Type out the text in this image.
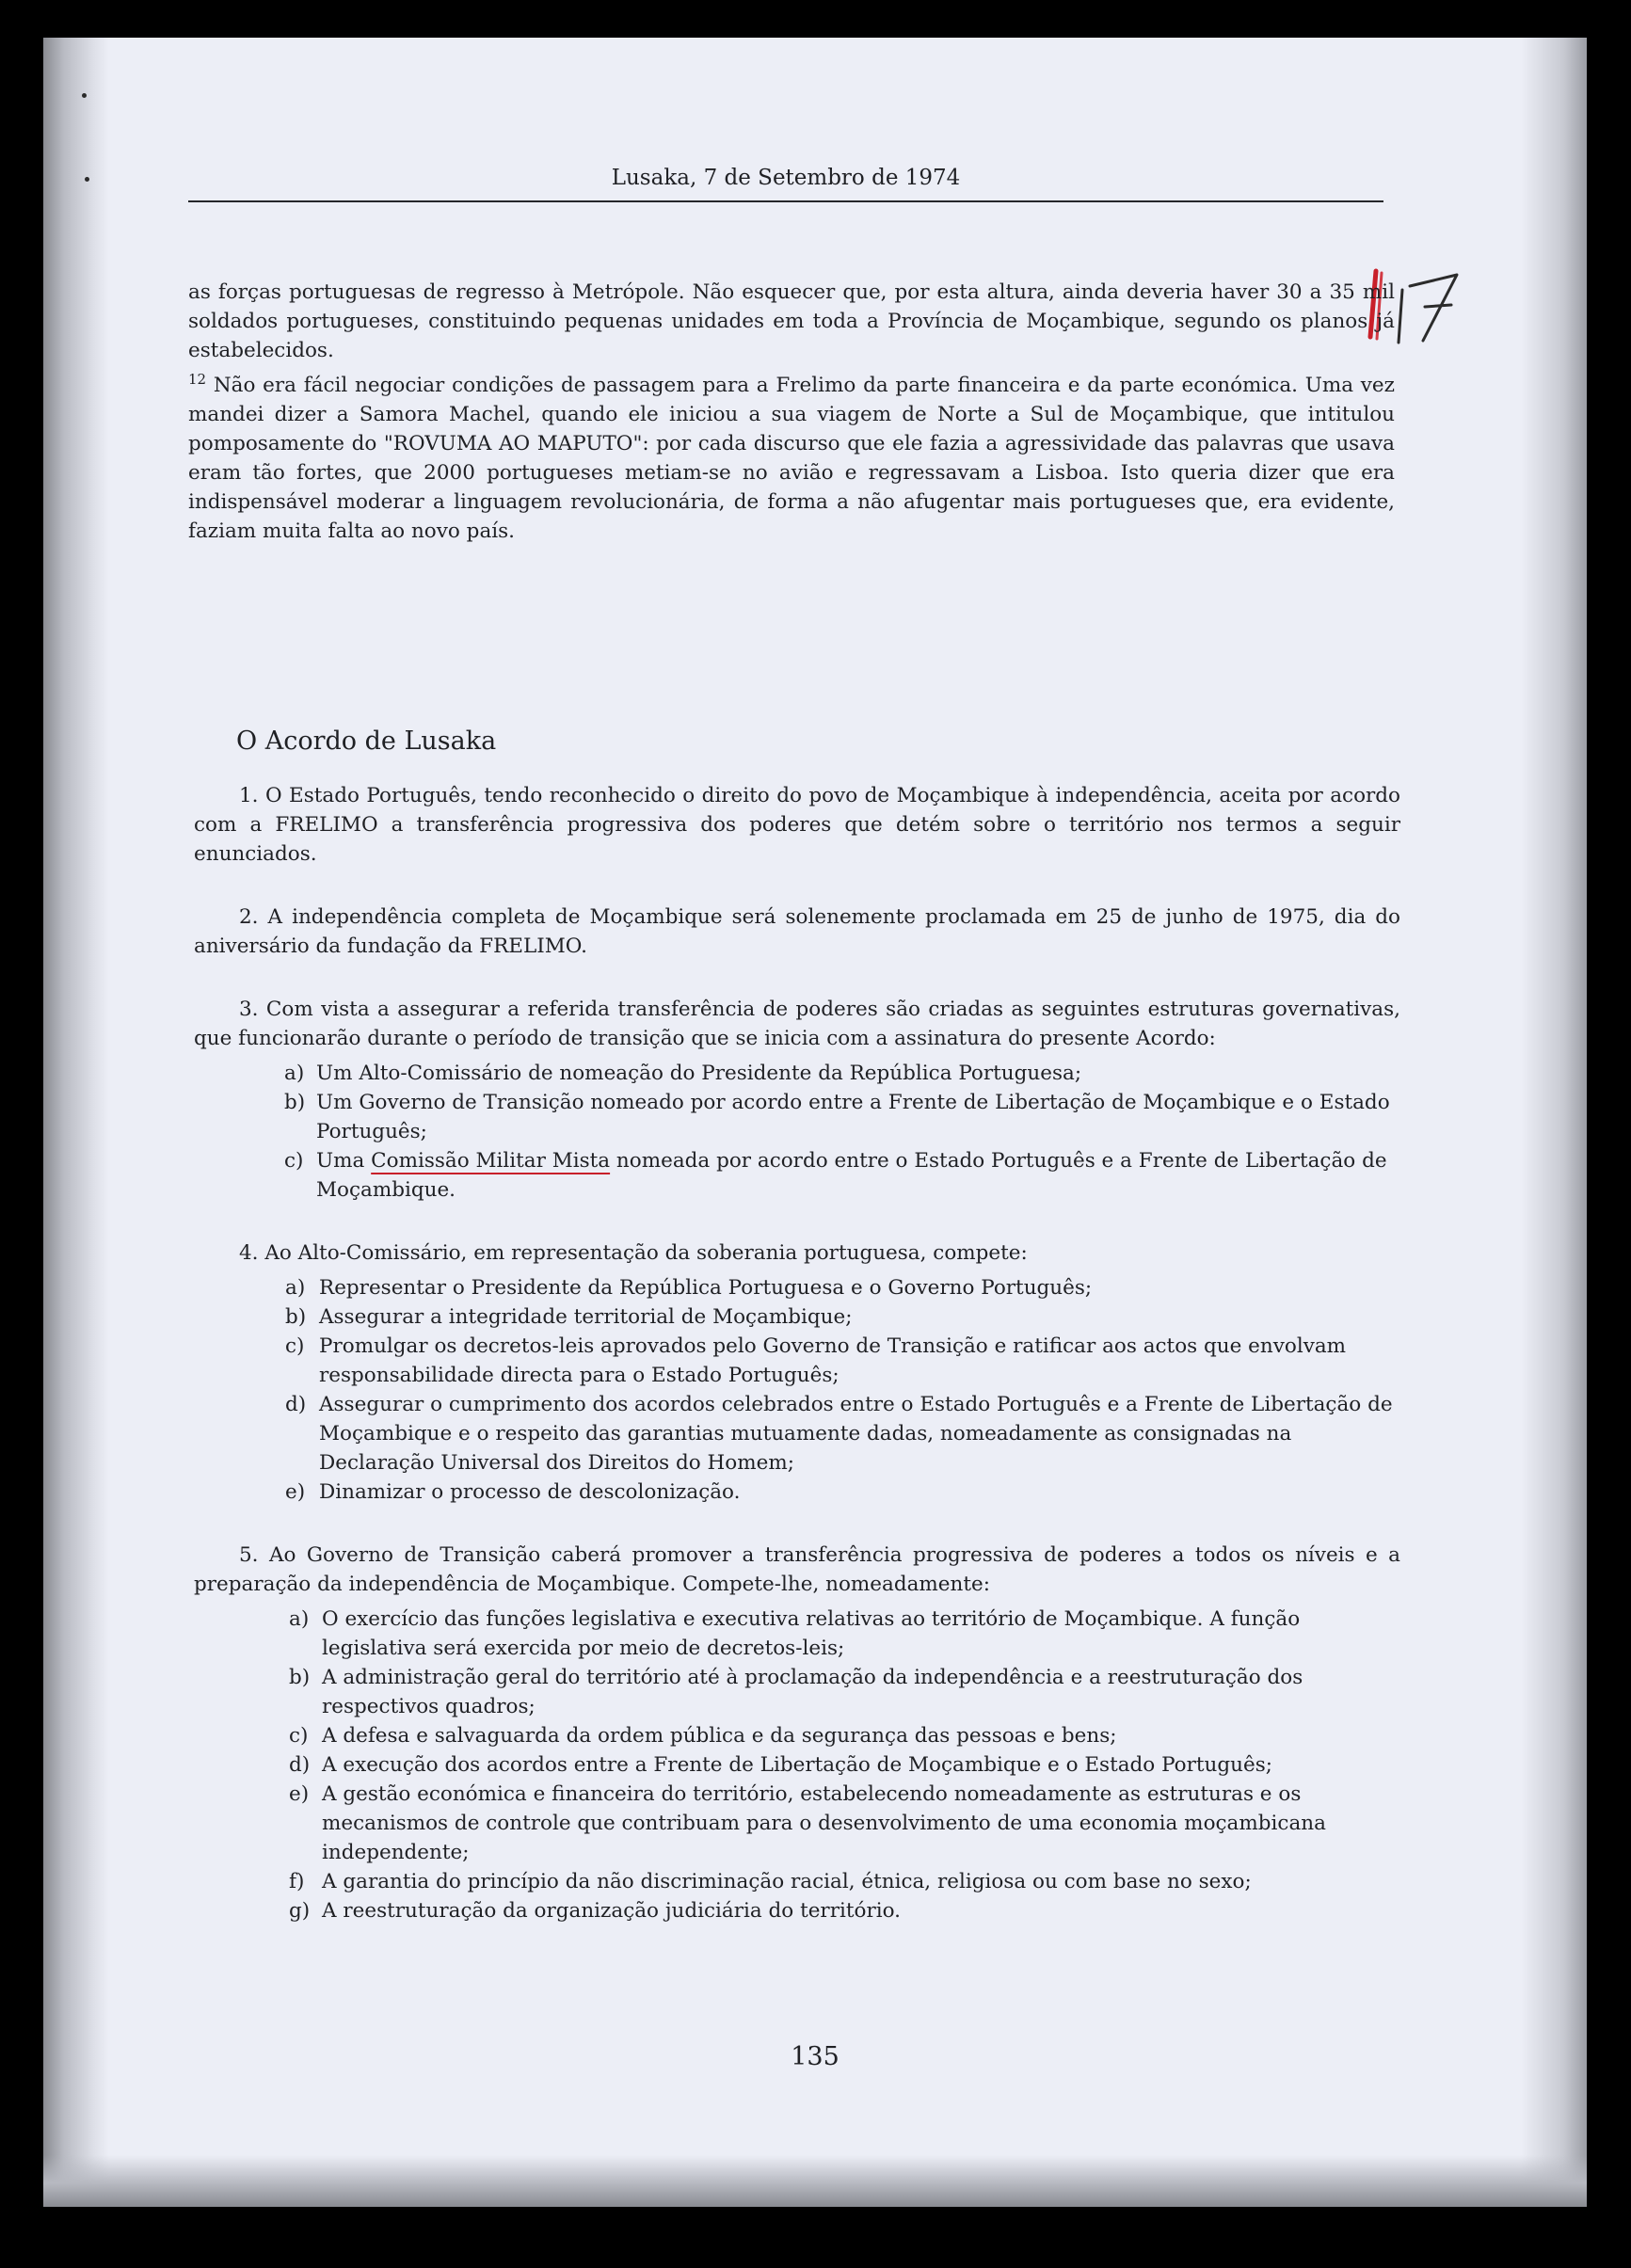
Lusaka, 7 de Setembro de 1974
17

as forças portuguesas de regresso à Metrópole. Não esquecer que, por esta altura, ainda deveria haver 30 a 35 mil soldados portugueses, constituindo pequenas unidades em toda a Província de Moçambique, segundo os planos já estabelecidos.

$^{12}$ Não era fácil negociar condições de passagem para a Frelimo da parte financeira e da parte económica. Uma vez mandei dizer a Samora Machel, quando ele iniciou a sua viagem de Norte a Sul de Moçambique, que intitulou pomposamente do "ROVUMA AO MAPUTO": por cada discurso que ele fazia a agressividade das palavras que usava eram tão fortes, que 2000 portugueses metiam-se no avião e regressavam a Lisboa. Isto queria dizer que era indispensável moderar a linguagem revolucionária, de forma a não afugentar mais portugueses que, era evidente, faziam muita falta ao novo país.

O Acordo de Lusaka
1. O Estado Português, tendo reconhecido o direito do povo de Moçambique à independência, aceita por acordo com a FRELIMO a transferência progressiva dos poderes que detém sobre o território nos termos a seguir enunciados.
2. A independência completa de Moçambique será solenemente proclamada em 25 de junho de 1975, dia do aniversário da fundação da FRELIMO.
3. Com vista a assegurar a referida transferência de poderes são criadas as seguintes estruturas governativas, que funcionarão durante o período de transição que se inicia com a assinatura do presente Acordo:
a) Um Alto-Comissário de nomeação do Presidente da República Portuguesa;
b) Um Governo de Transição nomeado por acordo entre a Frente de Libertação de Moçambique e o Estado Português;
c) Uma Comissão Militar Mista nomeada por acordo entre o Estado Português e a Frente de Libertação de Moçambique.
4. Ao Alto-Comissário, em representação da soberania portuguesa, compete:
a) Representar o Presidente da República Portuguesa e o Governo Português;
b) Assegurar a integridade territorial de Moçambique;
c) Promulgar os decretos-leis aprovados pelo Governo de Transição e ratificar aos actos que envolvam responsabilidade directa para o Estado Português;
d) Assegurar o cumprimento dos acordos celebrados entre o Estado Português e a Frente de Libertação de Moçambique e o respeito das garantias mutuamente dadas, nomeadamente as consignadas na Declaração Universal dos Direitos do Homem;
e) Dinamizar o processo de descolonização.
5. Ao Governo de Transição caberá promover a transferência progressiva de poderes a todos os níveis e a preparação da independência de Moçambique. Compete-lhe, nomeadamente:
a) O exercício das funções legislativa e executiva relativas ao território de Moçambique. A função legislativa será exercida por meio de decretos-leis;
b) A administração geral do território até à proclamação da independência e a reestruturação dos respectivos quadros;
c) A defesa e salvaguarda da ordem pública e da segurança das pessoas e bens;
d) A execução dos acordos entre a Frente de Libertação de Moçambique e o Estado Português;
e) A gestão económica e financeira do território, estabelecendo nomeadamente as estruturas e os mecanismos de controle que contribuam para o desenvolvimento de uma economia moçambicana independente;
f) A garantia do princípio da não discriminação racial, étnica, religiosa ou com base no sexo;
g) A reestruturação da organização judiciária do território.
135
